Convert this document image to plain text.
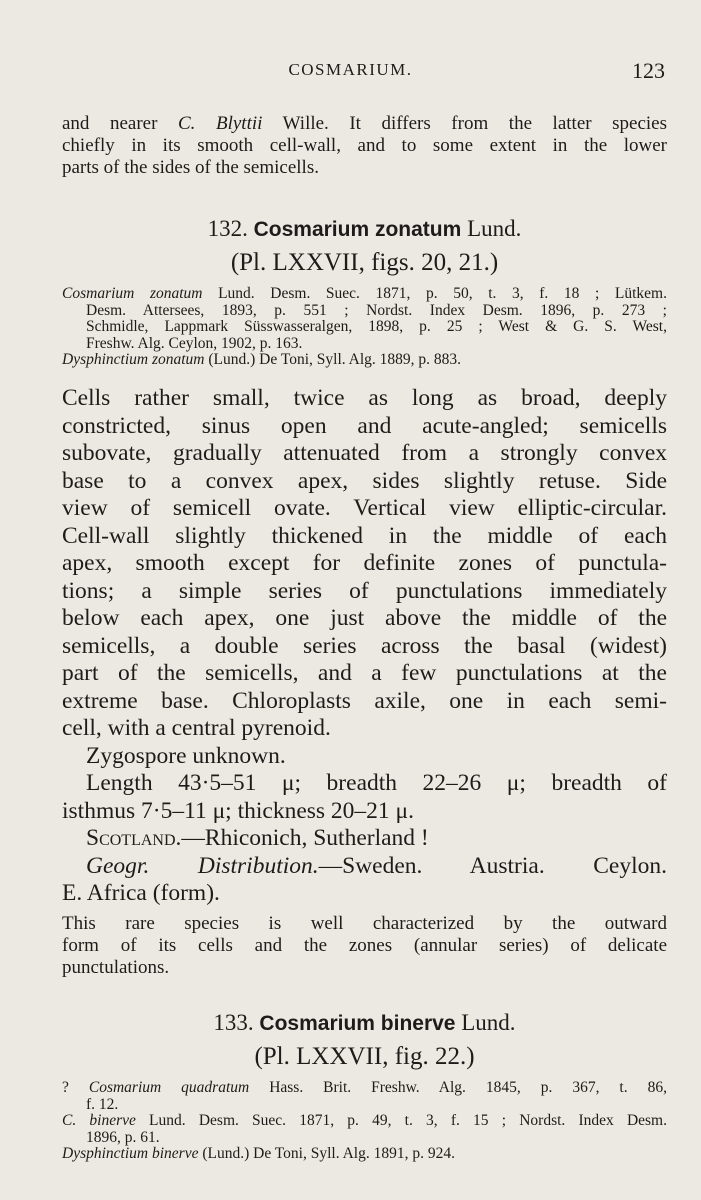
COSMARIUM.	123
and nearer C. Blyttii Wille. It differs from the latter species
chiefly in its smooth cell-wall, and to some extent in the lower
parts of the sides of the semicells.
132. Cosmarium zonatum Lund.
(Pl. LXXVII, figs. 20, 21.)
Cosmarium zonatum Lund. Desm. Suec. 1871, p. 50, t. 3, f. 18 ; Lütkem.
Desm. Attersees, 1893, p. 551 ; Nordst. Index Desm. 1896, p. 273 ;
Schmidle, Lappmark Süsswasseralgen, 1898, p. 25 ; West & G. S. West,
Freshw. Alg. Ceylon, 1902, p. 163.
Dysphinctium zonatum (Lund.) De Toni, Syll. Alg. 1889, p. 883.
Cells rather small, twice as long as broad, deeply
constricted, sinus open and acute-angled; semicells
subovate, gradually attenuated from a strongly convex
base to a convex apex, sides slightly retuse. Side
view of semicell ovate. Vertical view elliptic-circular.
Cell-wall slightly thickened in the middle of each
apex, smooth except for definite zones of punctula-
tions; a simple series of punctulations immediately
below each apex, one just above the middle of the
semicells, a double series across the basal (widest)
part of the semicells, and a few punctulations at the
extreme base. Chloroplasts axile, one in each semi-
cell, with a central pyrenoid.
Zygospore unknown.
Length 43·5–51 μ; breadth 22–26 μ; breadth of
isthmus 7·5–11 μ; thickness 20–21 μ.
Scotland.—Rhiconich, Sutherland !
Geogr. Distribution.—Sweden. Austria. Ceylon.
E. Africa (form).
This rare species is well characterized by the outward
form of its cells and the zones (annular series) of delicate
punctulations.
133. Cosmarium binerve Lund.
(Pl. LXXVII, fig. 22.)
? Cosmarium quadratum Hass. Brit. Freshw. Alg. 1845, p. 367, t. 86,
f. 12.
C. binerve Lund. Desm. Suec. 1871, p. 49, t. 3, f. 15 ; Nordst. Index Desm.
1896, p. 61.
Dysphinctium binerve (Lund.) De Toni, Syll. Alg. 1891, p. 924.
